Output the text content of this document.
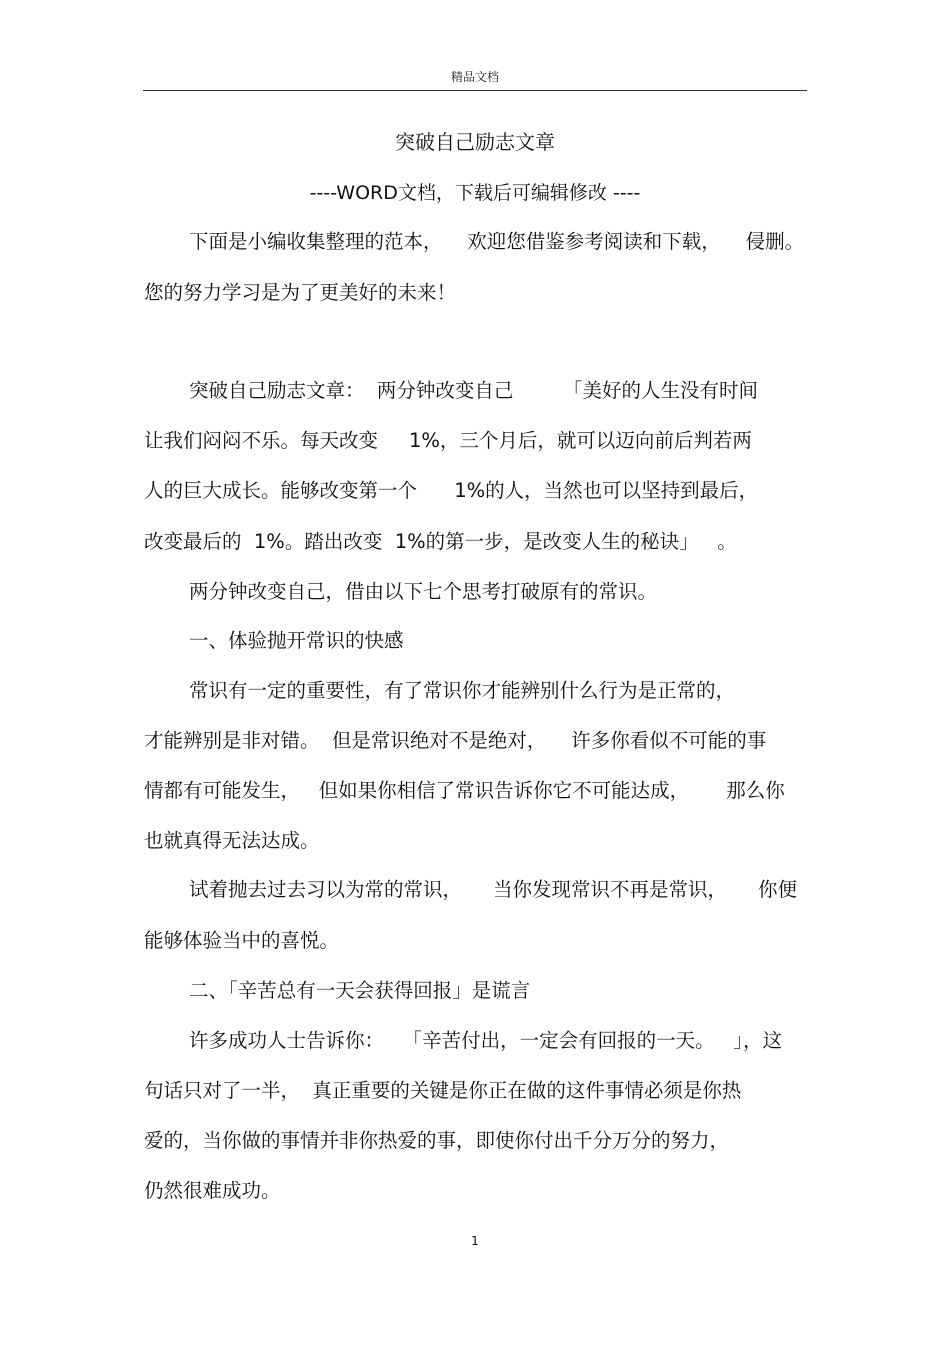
精品文档
突破自己励志文章
----WORD文档，下载后可编辑修改 ----
下面是小编收集整理的范本，    欢迎您借鉴参考阅读和下载，    侵删。
您的努力学习是为了更美好的未来！
突破自己励志文章：  两分钟改变自己        「美好的人生没有时间
让我们闷闷不乐。每天改变     1%，三个月后，就可以迈向前后判若两
人的巨大成长。能够改变第一个      1%的人，当然也可以坚持到最后，
改变最后的  1%。踏出改变  1%的第一步，是改变人生的秘诀」   。
两分钟改变自己，借由以下七个思考打破原有的常识。
一、体验抛开常识的快感
常识有一定的重要性，有了常识你才能辨别什么行为是正常的，
才能辨别是非对错。  但是常识绝对不是绝对，    许多你看似不可能的事
情都有可能发生，   但如果你相信了常识告诉你它不可能达成，      那么你
也就真得无法达成。
试着抛去过去习以为常的常识，     当你发现常识不再是常识，     你便
能够体验当中的喜悦。
二、「辛苦总有一天会获得回报」是谎言
许多成功人士告诉你：   「辛苦付出，一定会有回报的一天。   」，这
句话只对了一半，  真正重要的关键是你正在做的这件事情必须是你热
爱的，当你做的事情并非你热爱的事，即使你付出千分万分的努力，
仍然很难成功。
1
